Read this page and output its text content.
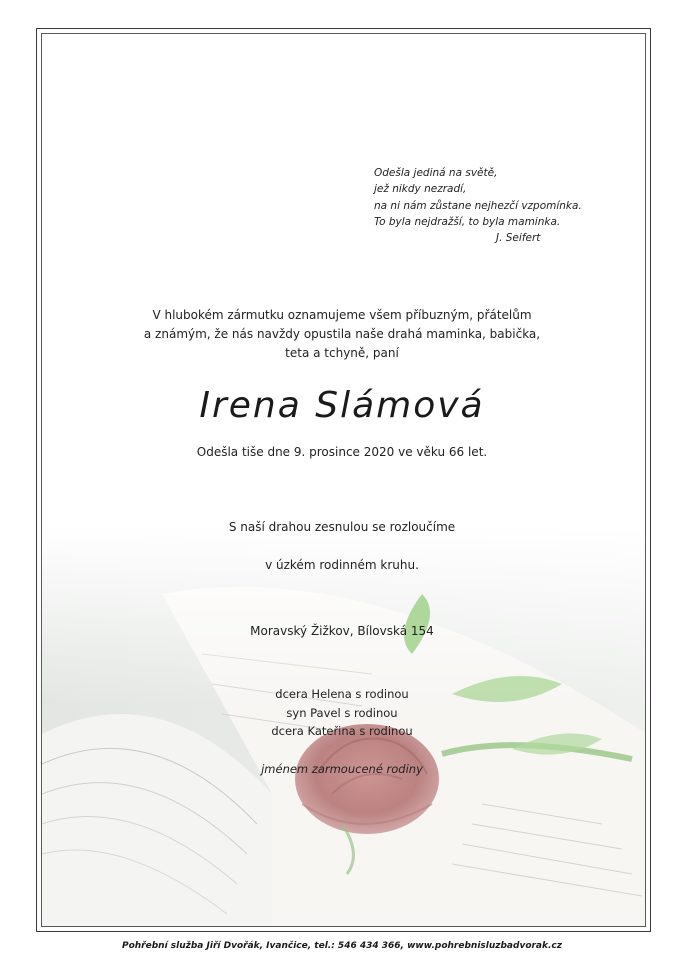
Odešla jediná na světě,
jež nikdy nezradí,
na ni nám zůstane nejhezčí vzpomínka.
To byla nejdražší, to byla maminka.
J. Seifert
V hlubokém zármutku oznamujeme všem příbuzným, přátelům
a známým, že nás navždy opustila naše drahá maminka, babička,
teta a tchyně, paní
Irena Slámová
Odešla tiše dne 9. prosince 2020 ve věku 66 let.
S naší drahou zesnulou se rozloučíme
v úzkém rodinném kruhu.
Moravský Žižkov, Bílovská 154
dcera Helena s rodinou
syn Pavel s rodinou
dcera Kateřina s rodinou
jménem zarmoucené rodiny
Pohřební služba Jiří Dvořák, Ivančice, tel.: 546 434 366, www.pohrebnisluzbadvorak.cz
